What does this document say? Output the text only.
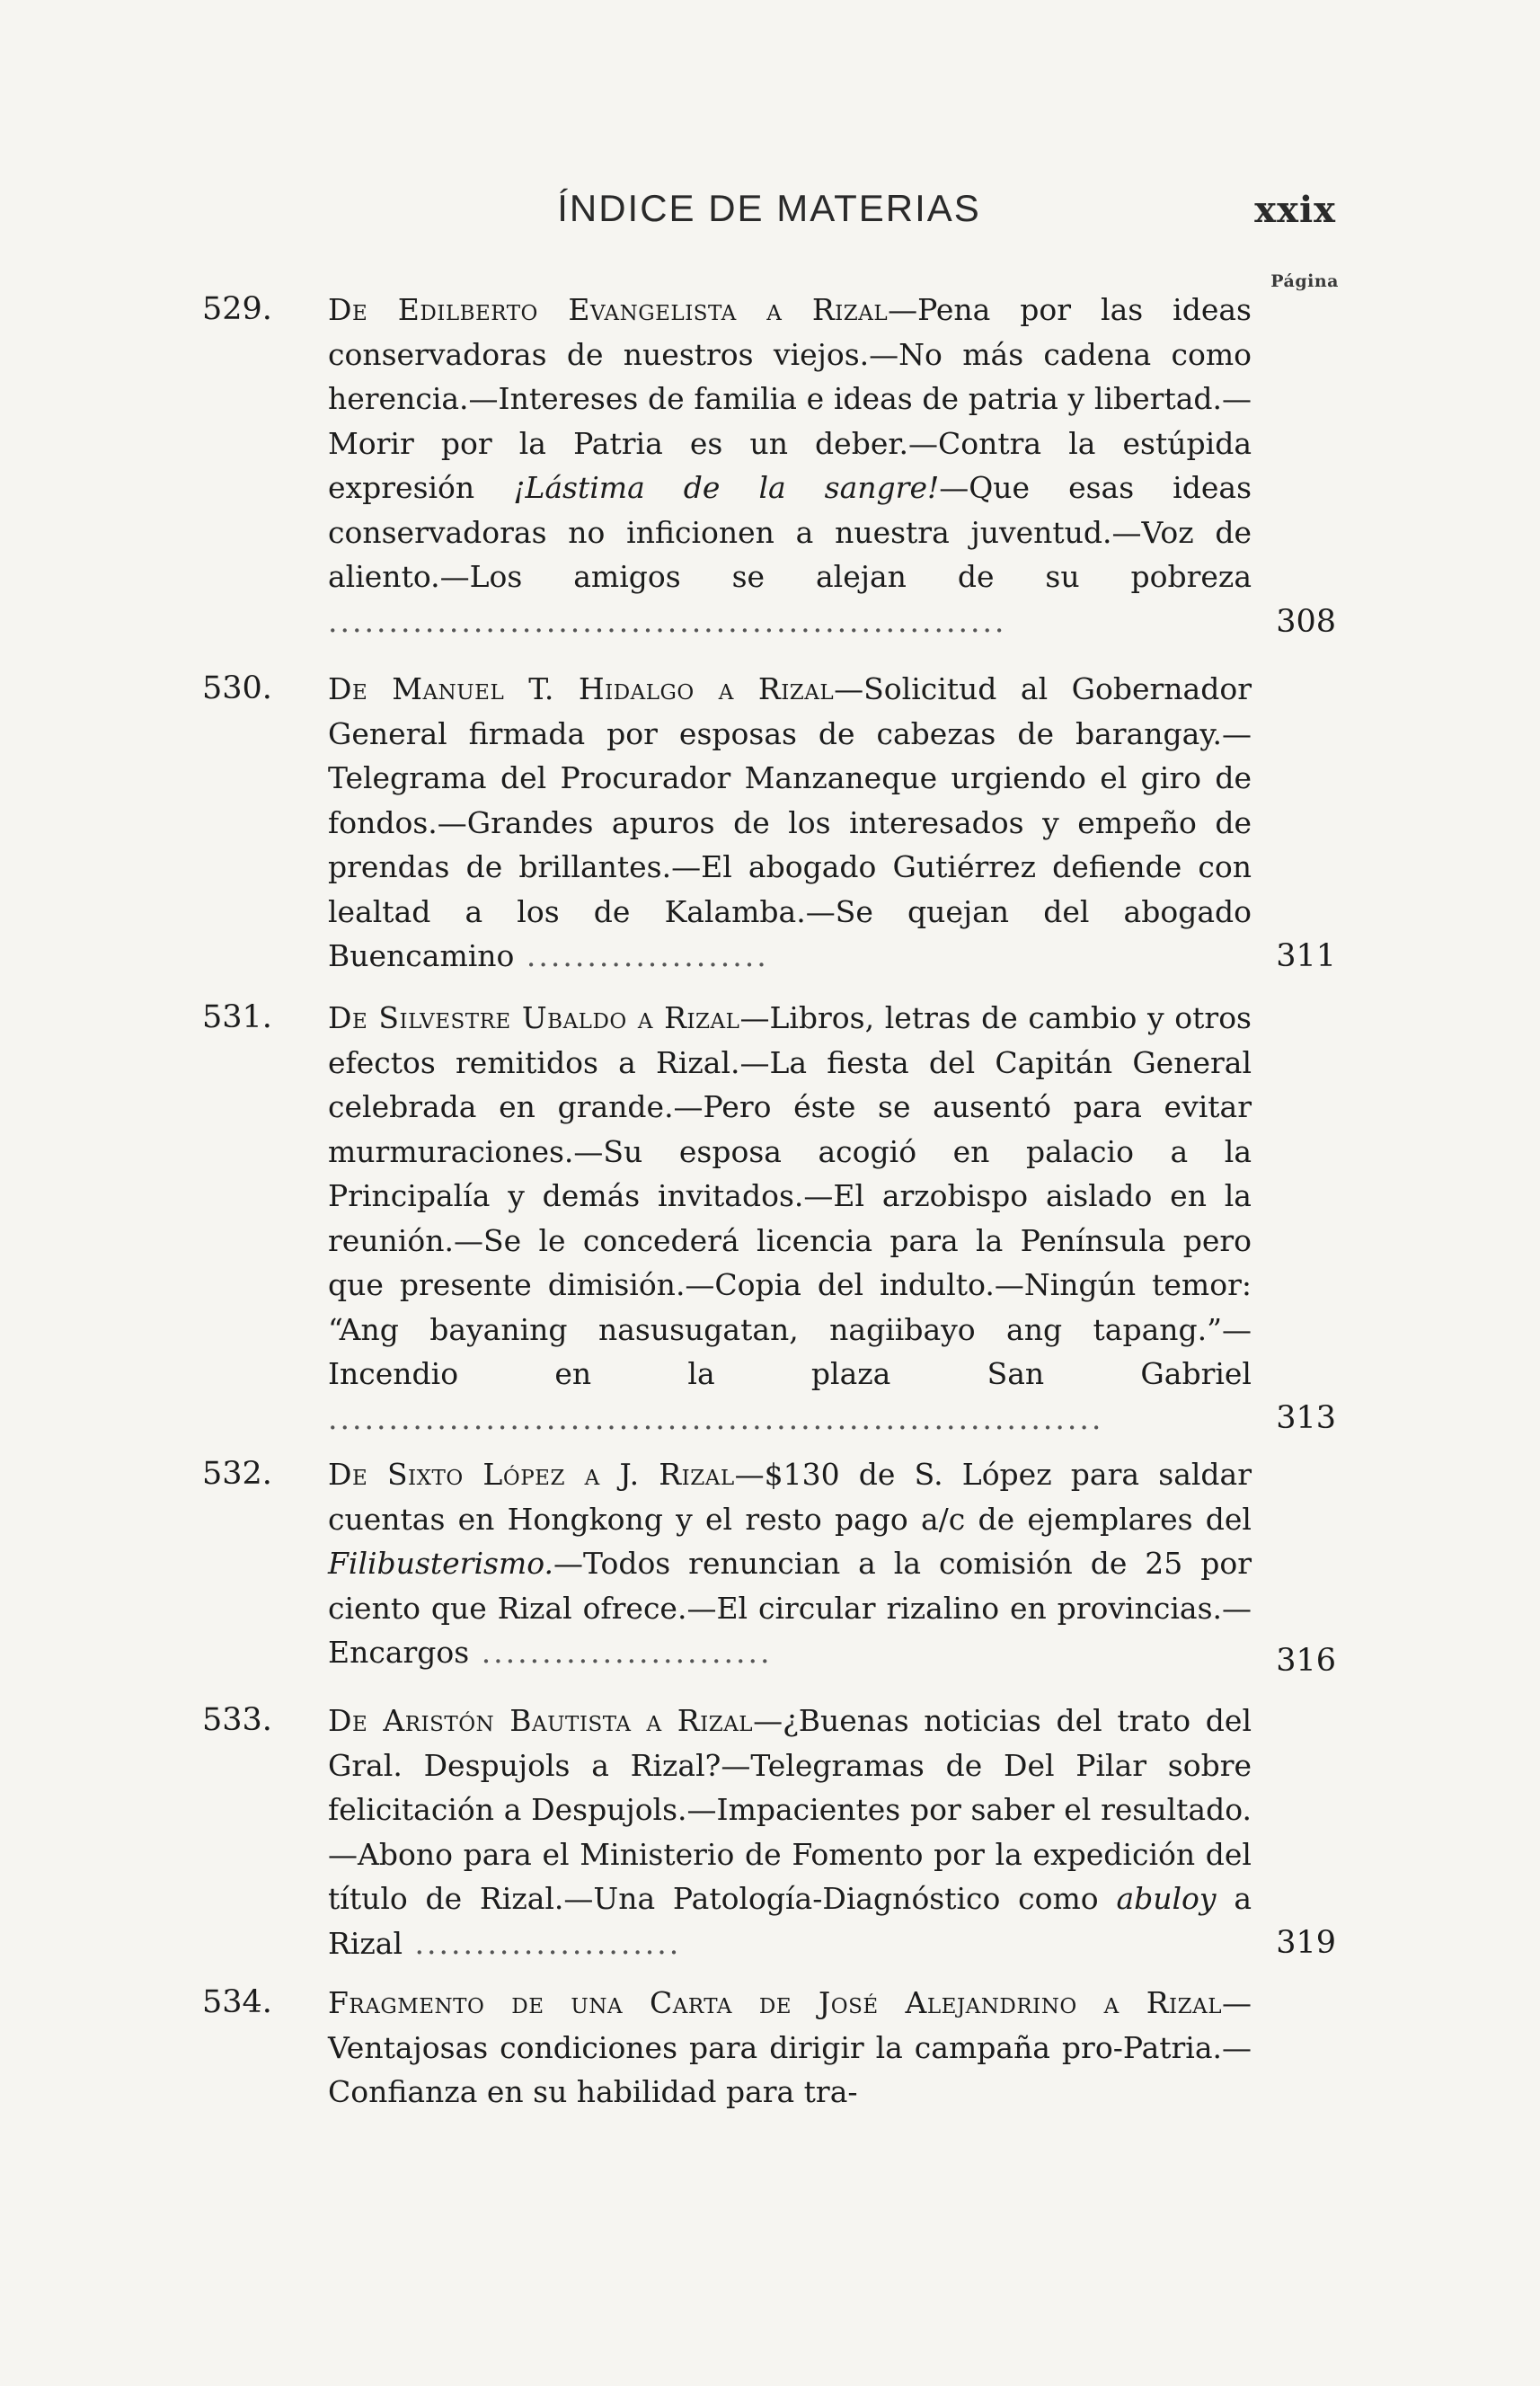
ÍNDICE DE MATERIAS	xxix
Página
529. De Edilberto Evangelista a Rizal—Pena por las ideas conservadoras de nuestros viejos.—No más cadena como herencia.—Intereses de familia e ideas de patria y libertad.—Morir por la Patria es un deber.—Contra la estúpida expresión ¡Lástima de la sangre!—Que esas ideas conservadoras no inficionen a nuestra juventud.—Voz de aliento.—Los amigos se alejan de su pobreza ........................................................	308
530. De Manuel T. Hidalgo a Rizal—Solicitud al Gobernador General firmada por esposas de cabezas de barangay.—Telegrama del Procurador Manzaneque urgiendo el giro de fondos.—Grandes apuros de los interesados y empeño de prendas de brillantes.—El abogado Gutiérrez defiende con lealtad a los de Kalamba.—Se quejan del abogado Buencamino ....................	311
531. De Silvestre Ubaldo a Rizal—Libros, letras de cambio y otros efectos remitidos a Rizal.—La fiesta del Capitán General celebrada en grande.—Pero éste se ausentó para evitar murmuraciones.—Su esposa acogió en palacio a la Principalía y demás invitados.—El arzobispo aislado en la reunión.—Se le concederá licencia para la Península pero que presente dimisión.—Copia del indulto.—Ningún temor: “Ang bayaning nasusugatan, nagiibayo ang tapang.”—Incendio en la plaza San Gabriel ................................................................	313
532. De Sixto López a J. Rizal—$130 de S. López para saldar cuentas en Hongkong y el resto pago a/c de ejemplares del Filibusterismo.—Todos renuncian a la comisión de 25 por ciento que Rizal ofrece.—El circular rizalino en provincias.—Encargos ........................	316
533. De Aristón Bautista a Rizal—¿Buenas noticias del trato del Gral. Despujols a Rizal?—Telegramas de Del Pilar sobre felicitación a Despujols.—Impacientes por saber el resultado.—Abono para el Ministerio de Fomento por la expedición del título de Rizal.—Una Patología-Diagnóstico como abuloy a Rizal ......................	319
534. Fragmento de una Carta de José Alejandrino a Rizal—Ventajosas condiciones para dirigir la campaña pro-Patria.—Confianza en su habilidad para tra-
